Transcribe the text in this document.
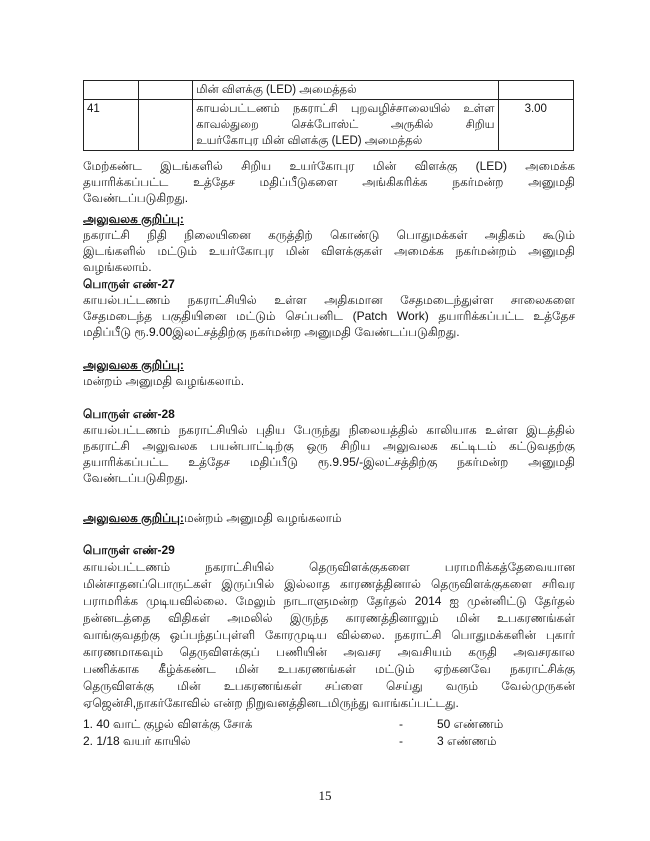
		மின் விளக்கு (LED) அமைத்தல்	
41		காயல்பட்டணம் நகராட்சி புறவழிச்சாலையில் உள்ள
காவல்துறை செக்போஸ்ட் அருகில் சிறிய
உயர்கோபுர மின் விளக்கு (LED) அமைத்தல்	3.00

மேற்கண்ட இடங்களில் சிறிய உயர்கோபுர மின் விளக்கு (LED) அமைக்க

தயாரிக்கப்பட்ட உத்தேச மதிப்பீடுகளை அங்கிகரிக்க நகர்மன்ற அனுமதி

வேண்டப்படுகிறது.

அலுவலக குறிப்பு:

நகராட்சி நிதி நிலையினை கருத்திற் கொண்டு பொதுமக்கள் அதிகம் கூடும்

இடங்களில் மட்டும் உயர்கோபுர மின் விளக்குகள் அமைக்க நகர்மன்றம் அனுமதி

வழங்கலாம்.

பொருள் எண்-27

காயல்பட்டணம் நகராட்சியில் உள்ள அதிகமான சேதமடைந்துள்ள சாலைகளை

சேதமடைந்த பகுதியினை மட்டும் செப்பனிட (Patch Work) தயாரிக்கப்பட்ட உத்தேச

மதிப்பீடு ரூ.9.00இலட்சத்திற்கு நகர்மன்ற அனுமதி வேண்டப்படுகிறது.

அலுவலக குறிப்பு:

மன்றம் அனுமதி வழங்கலாம்.

பொருள் எண்-28

காயல்பட்டணம் நகராட்சியில் புதிய பேருந்து நிலையத்தில் காலியாக உள்ள இடத்தில்

நகராட்சி அலுவலக பயன்பாட்டிற்கு ஒரு சிறிய அலுவலக கட்டிடம் கட்டுவதற்கு

தயாரிக்கப்பட்ட உத்தேச மதிப்பீடு ரூ.9.95/-இலட்சத்திற்கு நகர்மன்ற அனுமதி

வேண்டப்படுகிறது.

அலுவலக குறிப்பு:மன்றம் அனுமதி வழங்கலாம்

பொருள் எண்-29

காயல்பட்டணம் நகராட்சியில் தெருவிளக்குகளை பராமரிக்கத்தேவையான

மின்சாதனப்பொருட்கள் இருப்பில் இல்லாத காரணத்தினால் தெருவிளக்குகளை சரிவர

பராமரிக்க முடியவில்லை. மேலும் நாடாளுமன்ற தேர்தல் 2014 ஐ முன்னிட்டு தேர்தல்

நன்னடத்தை விதிகள் அமலில் இருந்த காரணத்தினாலும் மின் உபகரணங்கள்

வாங்குவதற்கு ஒப்பந்தப்புள்ளி கோரமுடிய வில்லை. நகராட்சி பொதுமக்களின் புகார்

காரணமாகவும் தெருவிளக்குப் பணியின் அவசர அவசியம் கருதி அவசரகால

பணிக்காக கீழ்க்கண்ட மின் உபகரணங்கள் மட்டும் ஏற்கனவே நகராட்சிக்கு

தெருவிளக்கு மின் உபகரணங்கள் சப்ளை செய்து வரும் வேல்முருகன்

ஏஜென்சி,நாகர்கோவில் என்ற நிறுவனத்தினடமிருந்து வாங்கப்பட்டது.

1. 40 வாட் குழல் விளக்கு சோக்	-	50 எண்ணம்
2. 1/18 வயர் காயில்	-	3 எண்ணம்
15
